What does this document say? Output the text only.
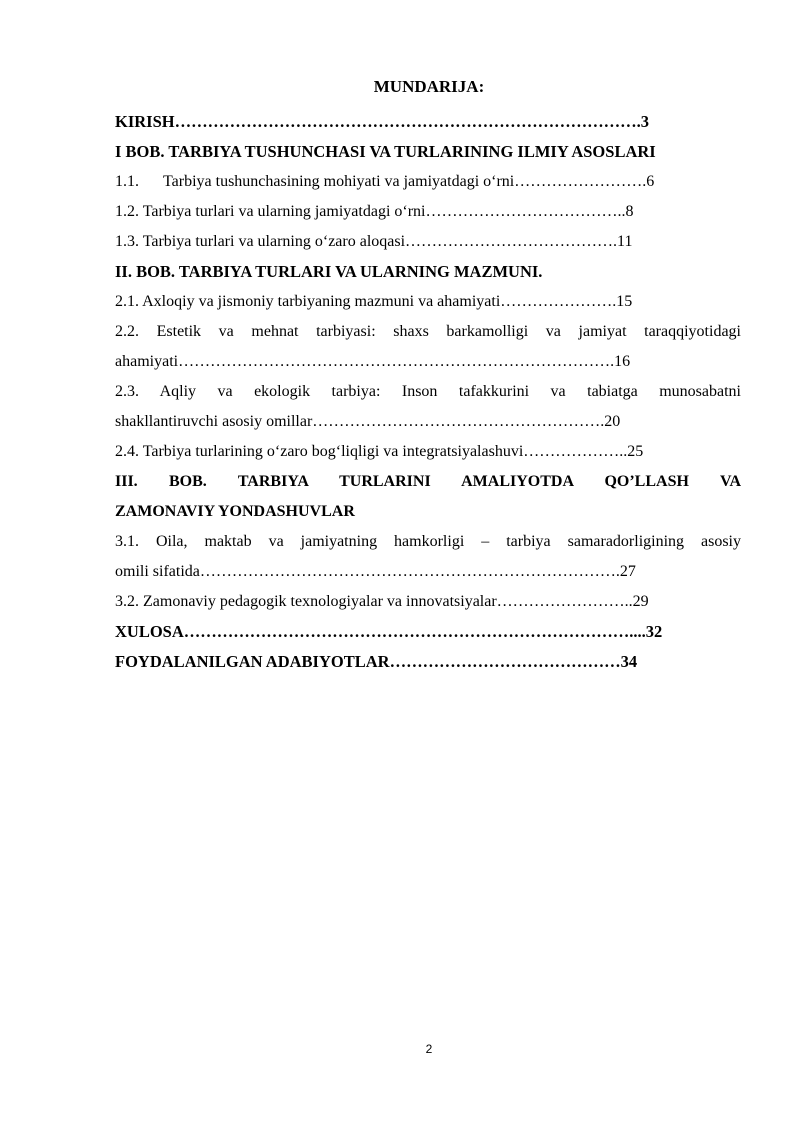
MUNDARIJA:
KIRISH………………………………………………………………………….3
I BOB. TARBIYA TUSHUNCHASI VA TURLARINING ILMIY ASOSLARI
1.1. Tarbiya tushunchasining mohiyati va jamiyatdagi o‘rni…………………….6
1.2. Tarbiya turlari va ularning jamiyatdagi o‘rni………………………………..8
1.3. Tarbiya turlari va ularning o‘zaro aloqasi………………………………….11
II. BOB. TARBIYA TURLARI VA ULARNING MAZMUNI.
2.1. Axloqiy va jismoniy tarbiyaning mazmuni va ahamiyati………………….15
2.2. Estetik va mehnat tarbiyasi: shaxs barkamolligi va jamiyat taraqqiyotidagi
ahamiyati……………………………………………………………………….16
2.3. Aqliy va ekologik tarbiya: Inson tafakkurini va tabiatga munosabatni
shakllantiruvchi asosiy omillar……………………………………………….20
2.4. Tarbiya turlarining o‘zaro bog‘liqligi va integratsiyalashuvi………………..25
III. BOB. TARBIYA TURLARINI AMALIYOTDA QO’LLASH VA
ZAMONAVIY YONDASHUVLAR
3.1. Oila, maktab va jamiyatning hamkorligi – tarbiya samaradorligining asosiy
omili sifatida…………………………………………………………………….27
3.2. Zamonaviy pedagogik texnologiyalar va innovatsiyalar……………………..29
XULOSA………………………………………………………………………....32
FOYDALANILGAN ADABIYOTLAR……………………………………34
2
